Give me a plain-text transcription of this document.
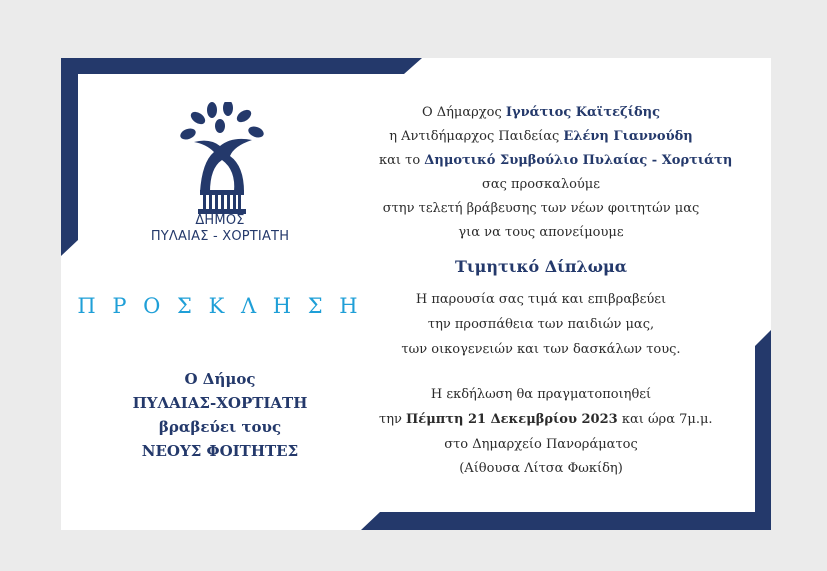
ΔΗΜΟΣ
ΠΥΛΑΙΑΣ - ΧΟΡΤΙΑΤΗ
Π Ρ Ο Σ Κ Λ Η Σ Η
Ο Δήμος
ΠΥΛΑΙΑΣ-ΧΟΡΤΙΑΤΗ
βραβεύει τους
ΝΕΟΥΣ ΦΟΙΤΗΤΕΣ
Ο Δήμαρχος Ιγνάτιος Καϊτεζίδης
η Αντιδήμαρχος Παιδείας Ελένη Γιαννούδη
και το Δημοτικό Συμβούλιο Πυλαίας - Χορτιάτη
σας προσκαλούμε
στην τελετή βράβευσης των νέων φοιτητών μας
για να τους απονείμουμε
Τιμητικό Δίπλωμα
Η παρουσία σας τιμά και επιβραβεύει
την προσπάθεια των παιδιών μας,
των οικογενειών και των δασκάλων τους.
Η εκδήλωση θα πραγματοποιηθεί
την Πέμπτη 21 Δεκεμβρίου 2023 και ώρα 7μ.μ.
στο Δημαρχείο Πανοράματος
(Αίθουσα Λίτσα Φωκίδη)
